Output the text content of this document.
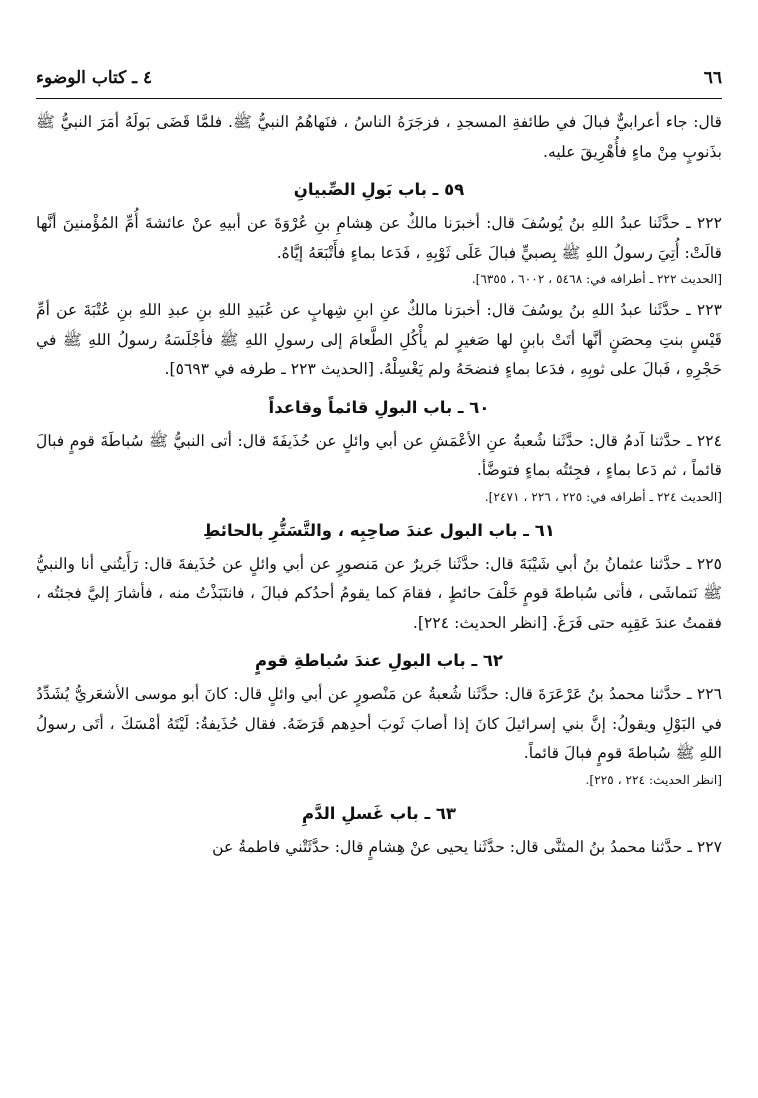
٦٦
٤ ـ كتاب الوضوء

قال: جاء أعرابيٌّ فبالَ في طائفةِ المسجدِ ، فزجَرَهُ الناسُ ، فنَهاهُمُ النبيُّ ﷺ. فلمَّا قَضَى بَولَهُ أمَرَ النبيُّ ﷺ بذَنوبٍ مِنْ ماءٍ فأُهْرِيقَ عليه.

٥٩ ـ باب بَولِ الصِّبيانِ

٢٢٢ ـ حدَّثَنا عبدُ اللهِ بنُ يُوسُفَ قال: أخبرَنا مالكٌ عن هِشامِ بنِ عُرْوَةَ عن أبيهِ عنْ عائشةَ أُمِّ المُؤْمنينَ أنَّها قالَتْ: أُتِيَ رسولُ اللهِ ﷺ بِصبيٍّ فبالَ عَلَى ثَوْبِهِ ، فَدَعا بماءٍ فأَتْبَعَهُ إيَّاهُ.

[الحديث ٢٢٢ ـ أطرافه في: ٥٤٦٨ ، ٦٠٠٢ ، ٦٣٥٥].

٢٢٣ ـ حدَّثَنا عبدُ اللهِ بنُ يوسُفَ قال: أخبرَنا مالكٌ عنِ ابنِ شِهابٍ عن عُبَيدِ اللهِ بنِ عبدِ اللهِ بنِ عُتْبَةَ عن أمِّ قَيْسٍ بنتِ مِحصَنٍ أنَّها أتَتْ بابنٍ لها صَغيرٍ لم يأْكُلِ الطَّعامَ إلى رسولِ اللهِ ﷺ فأجْلَسَهُ رسولُ اللهِ ﷺ في حَجْرِهِ ، فَبالَ على ثوبِهِ ، فدَعا بماءٍ فنضحَهُ ولم يَغْسِلْهُ. [الحديث ٢٢٣ ـ طرفه في ٥٦٩٣].

٦٠ ـ باب البولِ قائماً وقاعداً

٢٢٤ ـ حدَّثنا آدمُ قال: حدَّثَنا شُعبةُ عنِ الأعْمَشِ عن أبي وائلٍ عن حُذَيفَةَ قال: أتى النبيُّ ﷺ سُباطَةَ قومٍ فبالَ قائماً ، ثم دَعا بماءٍ ، فجِئتُه بماءٍ فتوضَّأ.

[الحديث ٢٢٤ ـ أطرافه في: ٢٢٥ ، ٢٢٦ ، ٢٤٧١].
٦١ ـ باب البول عندَ صاحِبِه ، والتَّسَتُّرِ بالحائطِ

٢٢٥ ـ حدَّثنا عثمانُ بنُ أبي شَيْبَةَ قال: حدَّثَنا جَريرٌ عن مَنصورٍ عن أبي وائلٍ عن حُذَيفةَ قال: رَأَيتُني أنا والنبيُّ ﷺ نَتماشَى ، فأتى سُباطةَ قومٍ خَلْفَ حائطٍ ، فقامَ كما يقومُ أحدُكم فبالَ ، فانتَبَذْتُ منه ، فأشارَ إليَّ فجئتُه ، فقمتُ عندَ عَقِبِه حتى فَرَغَ. [انظر الحديث: ٢٢٤].

٦٢ ـ باب البولِ عندَ سُباطةِ قومٍ

٢٢٦ ـ حدَّثنا محمدُ بنُ عَرْعَرَةَ قال: حدَّثَنا شُعبةُ عن مَنْصورٍ عن أبي وائلٍ قال: كانَ أبو موسى الأشعَريُّ يُشَدِّدُ في البَوْلِ ويقولُ: إنَّ بني إسرائيلَ كانَ إذا أصابَ ثَوبَ أحدِهم قَرَضَهُ. فقال حُذَيفةُ: لَيْتَهُ أمْسَكَ ، أتَى رسولُ اللهِ ﷺ سُباطةَ قومٍ فبالَ قائماً.

[انظر الحديث: ٢٢٤ ، ٢٢٥].
٦٣ ـ باب غَسلِ الدَّمِ

٢٢٧ ـ حدَّثنا محمدُ بنُ المثنَّى قال: حدَّثَنا يحيى عنْ هِشامٍ قال: حدَّثَتْني فاطمةُ عن
